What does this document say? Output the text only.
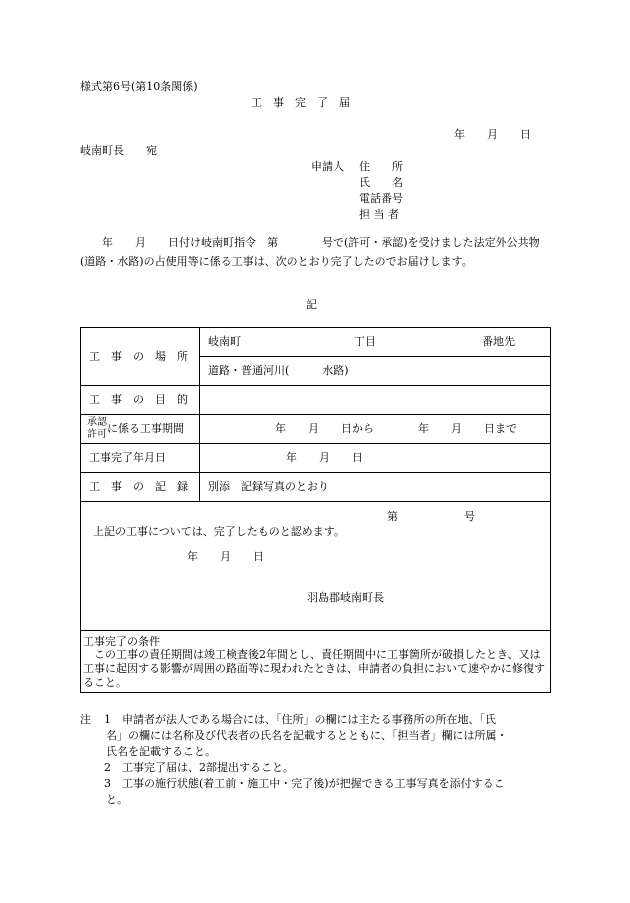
様式第6号(第10条関係)
工　事　完　了　届
年　　月　　日
岐南町長　　宛
申請人 住　　所
氏　　名
電話番号
担 当 者
　　年　　月　　日付け岐南町指令　第　　　　号で(許可・承認)を受けました法定外公共物(道路・水路)の占使用等に係る工事は、次のとおり完了したのでお届けします。
記
工　事　の　場　所	岐南町 丁目 番地先

	道路・普通河川(　　　水路)
工　事　の　目　的	

承認
許可 に係る工事期間	年　　月　　日から　　　　年　　月　　日まで
工事完了年月日	年　　月　　日
工　事　の　記　録	別添　記録写真のとおり
第　　　　　　号
上記の工事については、完了したものと認めます。
年　　月　　日
羽島郡岐南町長
工事完了の条件
　この工事の責任期間は竣工検査後2年間とし、責任期間中に工事箇所が破損したとき、又は工事に起因する影響が周囲の路面等に現われたときは、申請者の負担において速やかに修復すること。
注 1 申請者が法人である場合には、「住所」の欄には主たる事務所の所在地、「氏
名」の欄には名称及び代表者の氏名を記載するとともに、「担当者」欄には所属・
氏名を記載すること。
2 工事完了届は、2部提出すること。
3 工事の施行状態(着工前・施工中・完了後)が把握できる工事写真を添付するこ
と。
